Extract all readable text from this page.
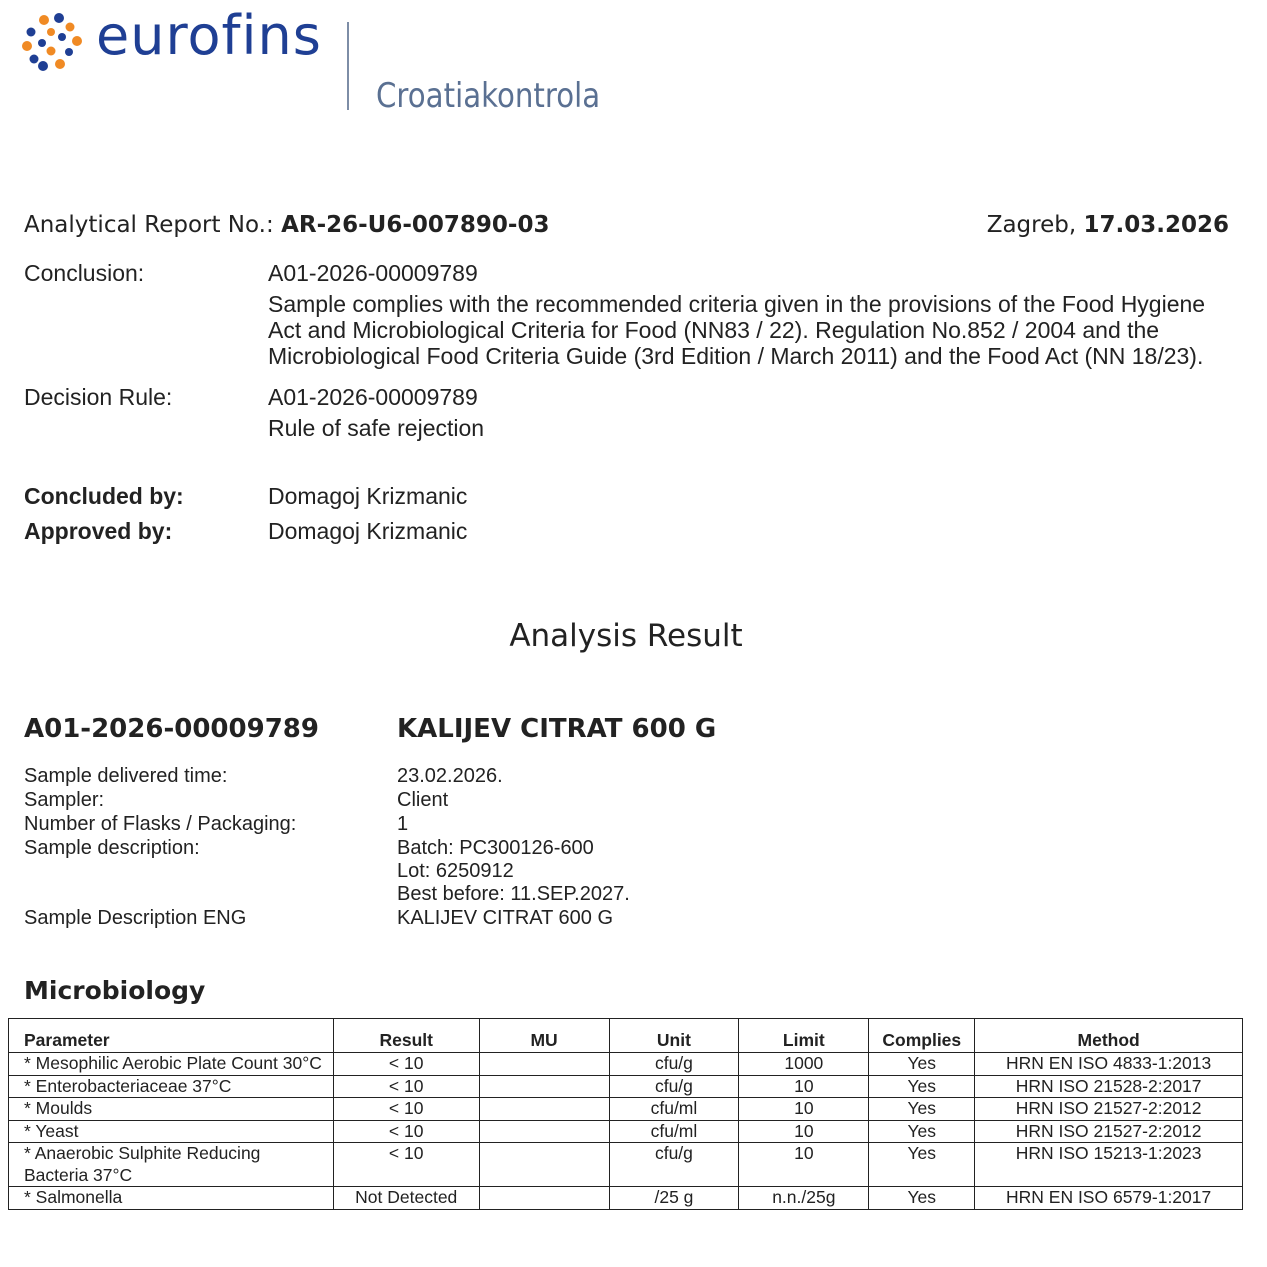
eurofins
Croatiakontrola
Analytical Report No.: AR-26-U6-007890-03	Zagreb, 17.03.2026
Conclusion:	A01-2026-00009789
Sample complies with the recommended criteria given in the provisions of the Food Hygiene Act and Microbiological Criteria for Food (NN83 / 22). Regulation No.852 / 2004 and the Microbiological Food Criteria Guide (3rd Edition / March 2011) and the Food Act (NN 18/23).
Decision Rule:	A01-2026-00009789
Rule of safe rejection
Concluded by:	Domagoj Krizmanic
Approved by:	Domagoj Krizmanic
Analysis Result
A01-2026-00009789	KALIJEV CITRAT 600 G
Sample delivered time:	23.02.2026.
Sampler:	Client
Number of Flasks / Packaging:	1
Sample description:	Batch: PC300126-600
Lot: 6250912
Best before: 11.SEP.2027.
Sample Description ENG	KALIJEV CITRAT 600 G
Microbiology
Parameter	Result	MU	Unit	Limit	Complies	Method
* Mesophilic Aerobic Plate Count 30°C	< 10		cfu/g	1000	Yes	HRN EN ISO 4833-1:2013
* Enterobacteriaceae 37°C	< 10		cfu/g	10	Yes	HRN ISO 21528-2:2017
* Moulds	< 10		cfu/ml	10	Yes	HRN ISO 21527-2:2012
* Yeast	< 10		cfu/ml	10	Yes	HRN ISO 21527-2:2012
* Anaerobic Sulphite Reducing Bacteria 37°C	< 10		cfu/g	10	Yes	HRN ISO 15213-1:2023
* Salmonella	Not Detected		/25 g	n.n./25g	Yes	HRN EN ISO 6579-1:2017
